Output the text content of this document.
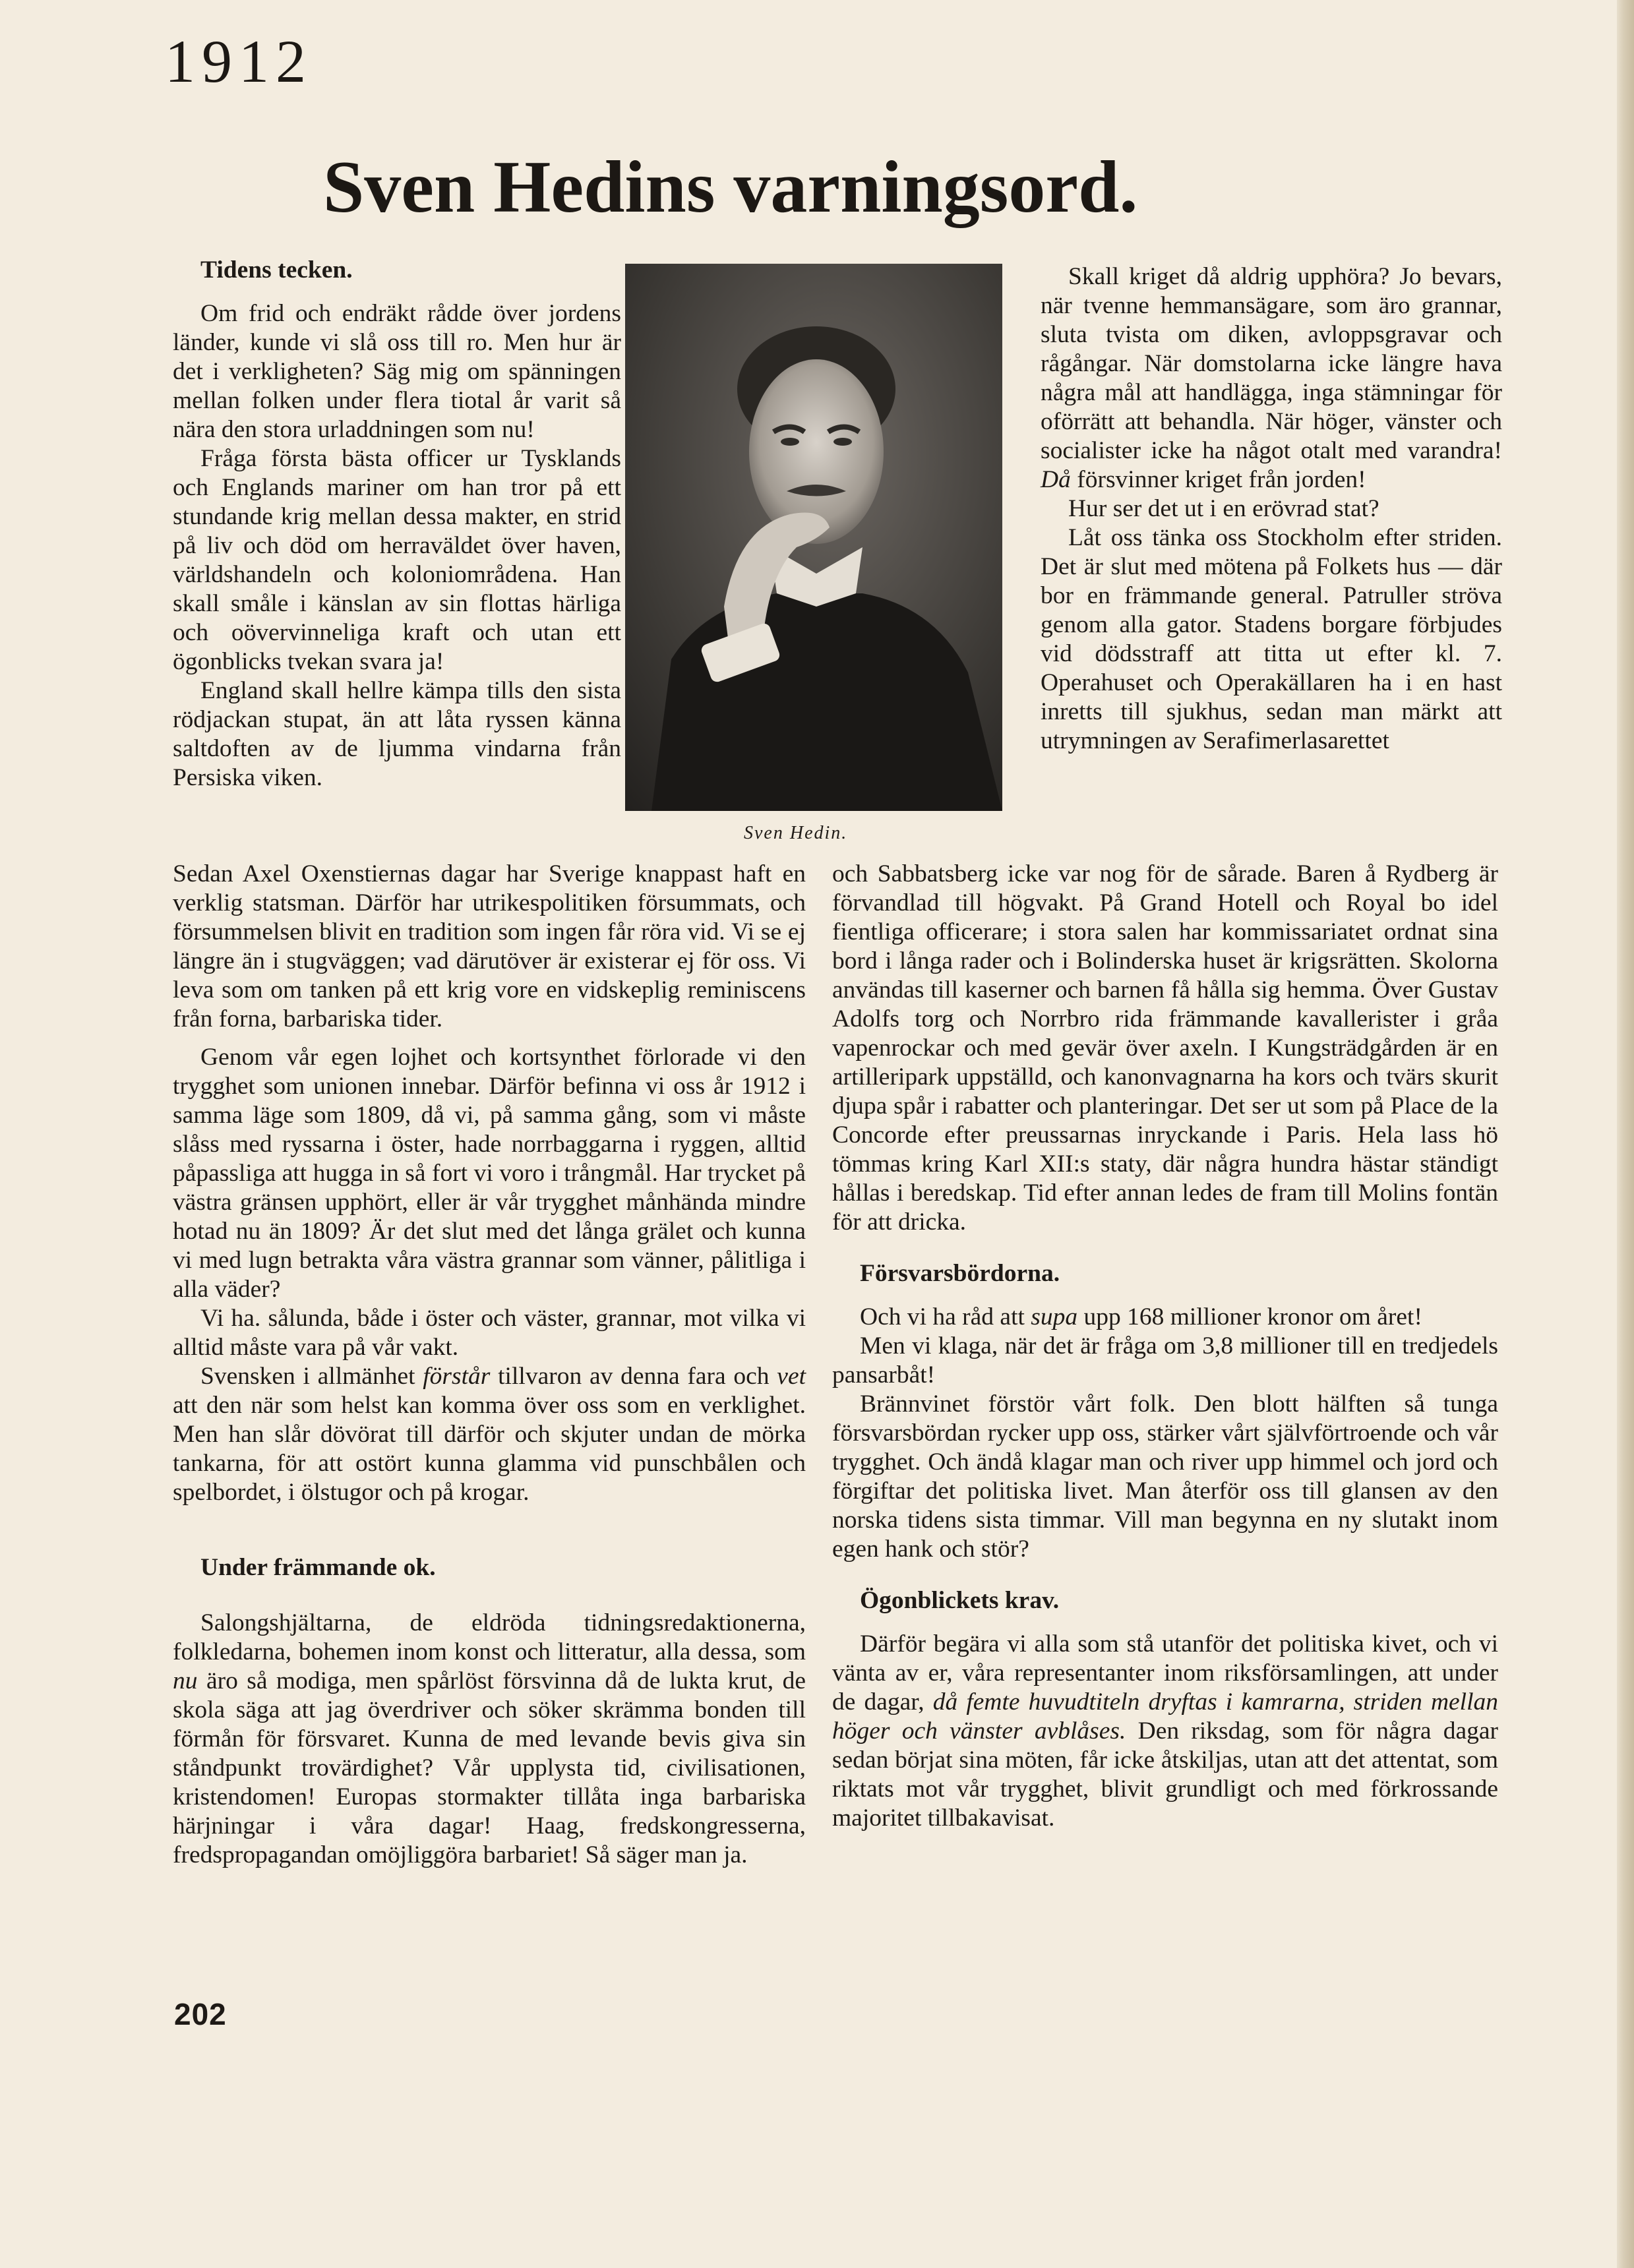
1912
Sven Hedins varningsord.

Tidens tecken.

Om frid och endräkt rådde över jordens länder, kunde vi slå oss till ro. Men hur är det i verkligheten? Säg mig om spänningen mellan folken under flera tiotal år varit så nära den stora urladdningen som nu!

Fråga första bästa officer ur Tysklands och Englands mariner om han tror på ett stundande krig mellan dessa makter, en strid på liv och död om herraväldet över haven, världshandeln och koloniområdena. Han skall småle i känslan av sin flottas härliga och oövervinneliga kraft och utan ett ögonblicks tvekan svara ja!

England skall hellre kämpa tills den sista rödjackan stupat, än att låta ryssen känna saltdoften av de ljumma vindarna från Persiska viken.

Sven Hedin.

Skall kriget då aldrig upphöra? Jo bevars, när tvenne hemmansägare, som äro grannar, sluta tvista om diken, avloppsgravar och rågångar. När domstolarna icke längre hava några mål att handlägga, inga stämningar för oförrätt att behandla. När höger, vänster och socialister icke ha något otalt med varandra! Då försvinner kriget från jorden!

Hur ser det ut i en erövrad stat?

Låt oss tänka oss Stockholm efter striden. Det är slut med mötena på Folkets hus — där bor en främmande general. Patruller ströva genom alla gator. Stadens borgare förbjudes vid dödsstraff att titta ut efter kl. 7. Operahuset och Operakällaren ha i en hast inretts till sjukhus, sedan man märkt att utrymningen av Serafimerlasarettet

Sedan Axel Oxenstiernas dagar har Sverige knappast haft en verklig statsman. Därför har utrikespolitiken försummats, och försummelsen blivit en tradition som ingen får röra vid. Vi se ej längre än i stugväggen; vad därutöver är existerar ej för oss. Vi leva som om tanken på ett krig vore en vidskeplig reminiscens från forna, barbariska tider.

Genom vår egen lojhet och kortsynthet förlorade vi den trygghet som unionen innebar. Därför befinna vi oss år 1912 i samma läge som 1809, då vi, på samma gång, som vi måste slåss med ryssarna i öster, hade norrbaggarna i ryggen, alltid påpassliga att hugga in så fort vi voro i trångmål. Har trycket på västra gränsen upphört, eller är vår trygghet månhända mindre hotad nu än 1809? Är det slut med det långa grälet och kunna vi med lugn betrakta våra västra grannar som vänner, pålitliga i alla väder?

Vi ha. sålunda, både i öster och väster, grannar, mot vilka vi alltid måste vara på vår vakt.

Svensken i allmänhet förstår tillvaron av denna fara och vet att den när som helst kan komma över oss som en verklighet. Men han slår dövörat till därför och skjuter undan de mörka tankarna, för att ostört kunna glamma vid punschbålen och spelbordet, i ölstugor och på krogar.

Under främmande ok.

Salongshjältarna, de eldröda tidningsredaktionerna, folkledarna, bohemen inom konst och litteratur, alla dessa, som nu äro så modiga, men spårlöst försvinna då de lukta krut, de skola säga att jag överdriver och söker skrämma bonden till förmån för försvaret. Kunna de med levande bevis giva sin ståndpunkt trovärdighet? Vår upplysta tid, civilisationen, kristendomen! Europas stormakter tillåta inga barbariska härjningar i våra dagar! Haag, fredskongresserna, fredspropagandan omöjliggöra barbariet! Så säger man ja.

och Sabbatsberg icke var nog för de sårade. Baren å Rydberg är förvandlad till högvakt. På Grand Hotell och Royal bo idel fientliga officerare; i stora salen har kommissariatet ordnat sina bord i långa rader och i Bolinderska huset är krigsrätten. Skolorna användas till kaserner och barnen få hålla sig hemma. Över Gustav Adolfs torg och Norrbro rida främmande kavallerister i gråa vapenrockar och med gevär över axeln. I Kungsträdgården är en artilleripark uppställd, och kanonvagnarna ha kors och tvärs skurit djupa spår i rabatter och planteringar. Det ser ut som på Place de la Concorde efter preussarnas inryckande i Paris. Hela lass hö tömmas kring Karl XII:s staty, där några hundra hästar ständigt hållas i beredskap. Tid efter annan ledes de fram till Molins fontän för att dricka.

Försvarsbördorna.

Och vi ha råd att supa upp 168 millioner kronor om året!

Men vi klaga, när det är fråga om 3,8 millioner till en tredjedels pansarbåt!

Brännvinet förstör vårt folk. Den blott hälften så tunga försvarsbördan rycker upp oss, stärker vårt självförtroende och vår trygghet. Och ändå klagar man och river upp himmel och jord och förgiftar det politiska livet. Man återför oss till glansen av den norska tidens sista timmar. Vill man begynna en ny slutakt inom egen hank och stör?

Ögonblickets krav.

Därför begära vi alla som stå utanför det politiska kivet, och vi vänta av er, våra representanter inom riksförsamlingen, att under de dagar, då femte huvudtiteln dryftas i kamrarna, striden mellan höger och vänster avblåses. Den riksdag, som för några dagar sedan börjat sina möten, får icke åtskiljas, utan att det attentat, som riktats mot vår trygghet, blivit grundligt och med förkrossande majoritet tillbakavisat.

202
